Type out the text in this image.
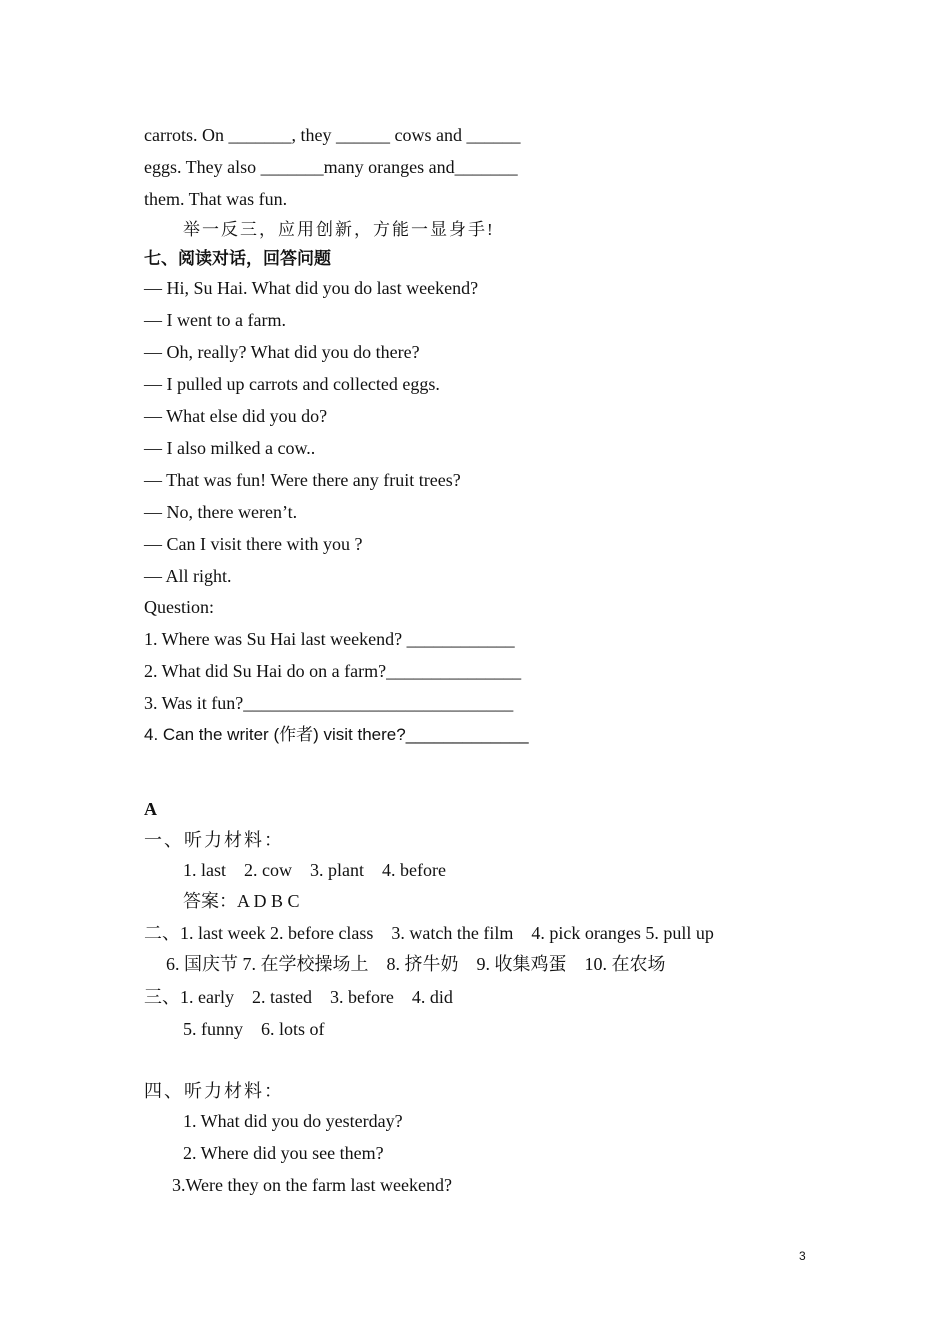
carrots. On _______, they ______ cows and ______
eggs. They also _______many oranges and_______
them. That was fun.
举一反三，应用创新，方能一显身手!
七、阅读对话，回答问题
— Hi, Su Hai. What did you do last weekend?
— I went to a farm.
— Oh, really? What did you do there?
— I pulled up carrots and collected eggs.
— What else did you do?
— I also milked a cow..
— That was fun! Were there any fruit trees?
— No, there weren’t.
— Can I visit there with you ?
— All right.
Question:
1. Where was Su Hai last weekend? ____________
2. What did Su Hai do on a farm?_______________
3. Was it fun?______________________________
4. Can the writer (作者) visit there?_____________
A
一、听力材料：
1. last    2. cow    3. plant    4. before
答案：A D B C
二、1. last week 2. before class    3. watch the film    4. pick oranges 5. pull up
6. 国庆节 7. 在学校操场上    8. 挤牛奶    9. 收集鸡蛋    10. 在农场
三、1. early    2. tasted    3. before    4. did
5. funny    6. lots of
四、听力材料：
1. What did you do yesterday?
2. Where did you see them?
3.Were they on the farm last weekend?
3
